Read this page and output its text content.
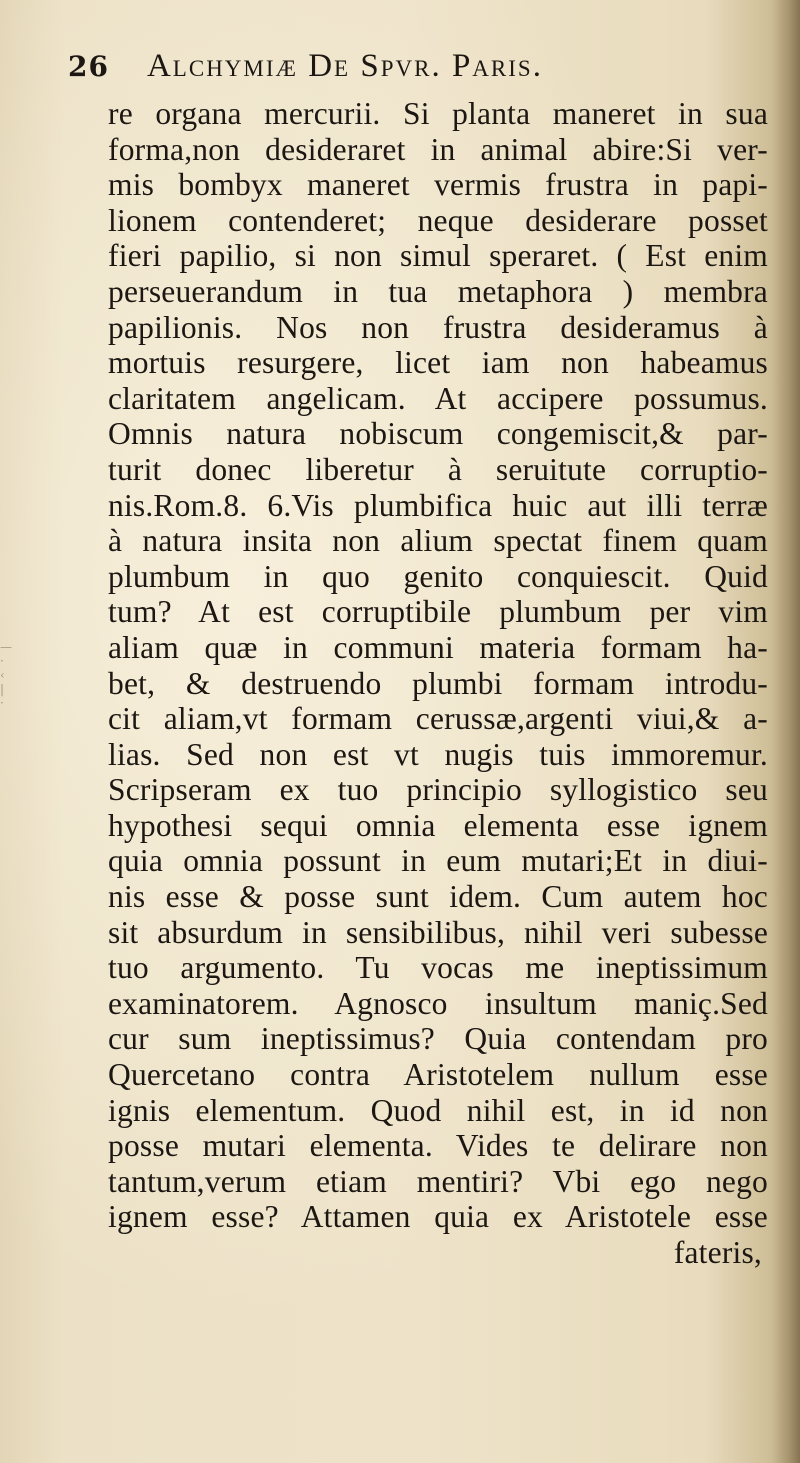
—
·
‹
|
·
26 Alchymiæ De Spvr. Paris.
re organa mercurii. Si planta maneret in sua
forma,non desideraret in animal abire:Si ver-
mis bombyx maneret vermis frustra in papi-
lionem contenderet; neque desiderare posset
fieri papilio, si non simul speraret. ( Est enim
perseuerandum in tua metaphora ) membra
papilionis. Nos non frustra desideramus à
mortuis resurgere, licet iam non habeamus
claritatem angelicam. At accipere possumus.
Omnis natura nobiscum congemiscit,& par-
turit donec liberetur à seruitute corruptio-
nis.Rom.8. 6.Vis plumbifica huic aut illi terræ
à natura insita non alium spectat finem quam
plumbum in quo genito conquiescit. Quid
tum? At est corruptibile plumbum per vim
aliam quæ in communi materia formam ha-
bet, & destruendo plumbi formam introdu-
cit aliam,vt formam cerussæ,argenti viui,& a-
lias. Sed non est vt nugis tuis immoremur.
Scripseram ex tuo principio syllogistico seu
hypothesi sequi omnia elementa esse ignem
quia omnia possunt in eum mutari;Et in diui-
nis esse & posse sunt idem. Cum autem hoc
sit absurdum in sensibilibus, nihil veri subesse
tuo argumento. Tu vocas me ineptissimum
examinatorem. Agnosco insultum maniç.Sed
cur sum ineptissimus? Quia contendam pro
Quercetano contra Aristotelem nullum esse
ignis elementum. Quod nihil est, in id non
posse mutari elementa. Vides te delirare non
tantum,verum etiam mentiri? Vbi ego nego
ignem esse? Attamen quia ex Aristotele esse
fateris,
